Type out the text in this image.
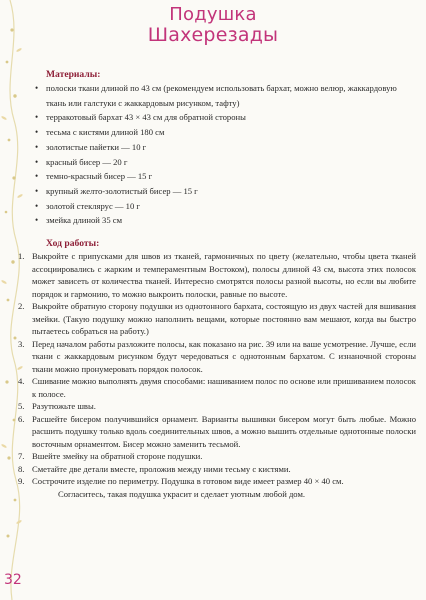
Подушка
Шахерезады
Материалы:
• полоски ткани длиной по 43 см (рекомендуем использовать бархат, можно велюр, жаккардовую ткань или галстуки с жаккардовым рисунком, тафту)
• терракотовый бархат 43 × 43 см для обратной стороны
• тесьма с кистями длиной 180 см
• золотистые пайетки — 10 г
• красный бисер — 20 г
• темно-красный бисер — 15 г
• крупный желто-золотистый бисер — 15 г
• золотой стеклярус — 10 г
• змейка длиной 35 см
Ход работы:

1. Выкройте с припусками для швов из тканей, гармоничных по цвету (желательно, чтобы цвета тканей ассоциировались с жарким и темпераментным Востоком), полосы длиной 43 см, высота этих полосок может зависеть от количества тканей. Интересно смотрятся полосы разной высоты, но если вы любите порядок и гармонию, то можно выкроить полоски, равные по высоте.

2. Выкройте обратную сторону подушки из однотонного бархата, состоящую из двух частей для вшивания змейки. (Такую подушку можно наполнить вещами, которые постоянно вам мешают, когда вы быстро пытаетесь собраться на работу.)

3. Перед началом работы разложите полосы, как показано на рис. 39 или на ваше усмотрение. Лучше, если ткани с жаккардовым рисунком будут чередоваться с однотонным бархатом. С изнаночной стороны ткани можно пронумеровать порядок полосок.

4. Сшивание можно выполнять двумя способами: нашиванием полос по основе или пришиванием полосок к полосе.

5. Разутюжьте швы.

6. Расшейте бисером получившийся орнамент. Варианты вышивки бисером могут быть любые. Можно расшить подушку только вдоль соединительных швов, а можно вышить отдельные однотонные полоски восточным орнаментом. Бисер можно заменить тесьмой.

7. Вшейте змейку на обратной стороне подушки.

8. Сметайте две детали вместе, проложив между ними тесьму с кистями.

9. Сострочите изделие по периметру. Подушка в готовом виде имеет размер 40 × 40 см.

Согласитесь, такая подушка украсит и сделает уютным любой дом.

32
